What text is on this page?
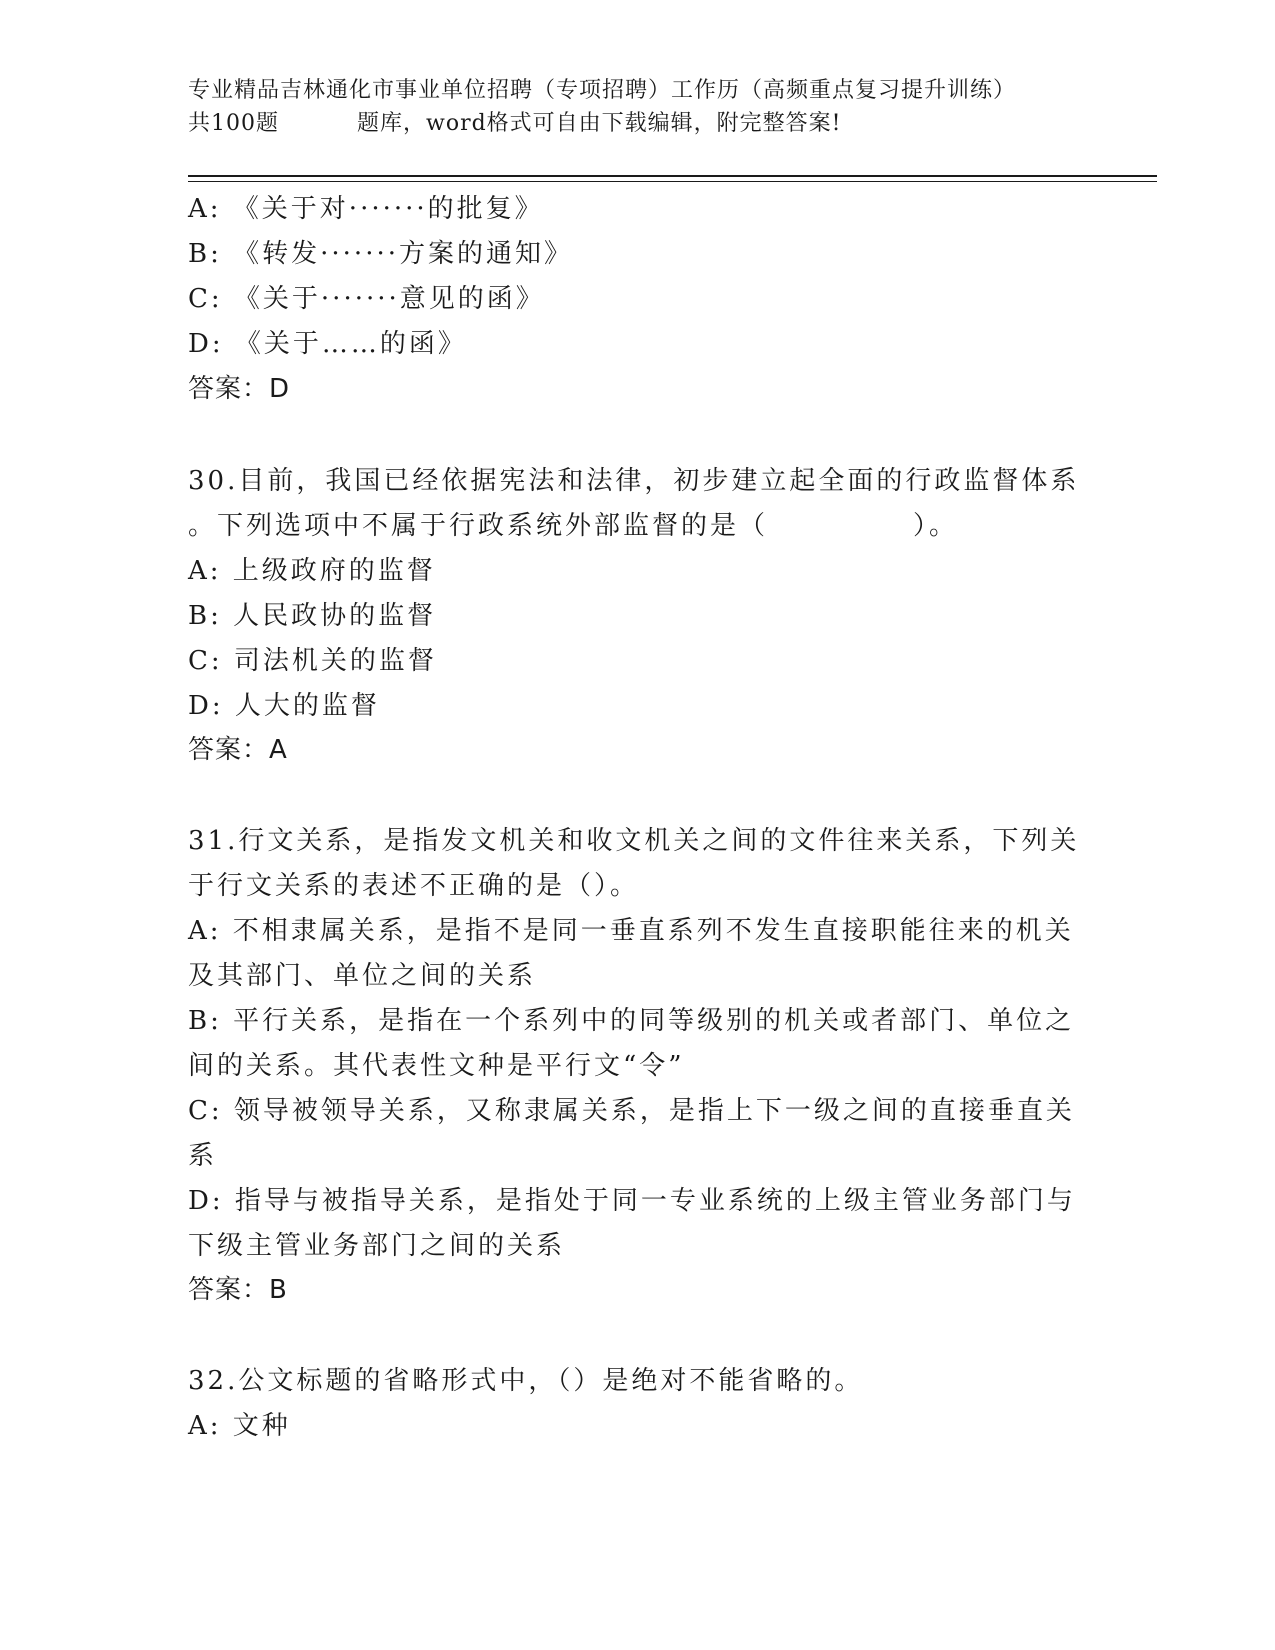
专业精品吉林通化市事业单位招聘（专项招聘）工作历（高频重点复习提升训练）
共100题	题库，word格式可自由下载编辑，附完整答案!
A: 《关于对·······的批复》
B: 《转发·······方案的通知》
C: 《关于·······意见的函》
D: 《关于……的函》
答案：D
30.目前，我国已经依据宪法和法律，初步建立起全面的行政监督体系
。下列选项中不属于行政系统外部监督的是（　　　　　）。
A: 上级政府的监督
B: 人民政协的监督
C: 司法机关的监督
D: 人大的监督
答案：A
31.行文关系，是指发文机关和收文机关之间的文件往来关系，下列关
于行文关系的表述不正确的是（）。
A: 不相隶属关系，是指不是同一垂直系列不发生直接职能往来的机关
及其部门、单位之间的关系
B: 平行关系，是指在一个系列中的同等级别的机关或者部门、单位之
间的关系。其代表性文种是平行文“令”
C: 领导被领导关系，又称隶属关系，是指上下一级之间的直接垂直关
系
D: 指导与被指导关系，是指处于同一专业系统的上级主管业务部门与
下级主管业务部门之间的关系
答案：B
32.公文标题的省略形式中，（）是绝对不能省略的。
A: 文种
